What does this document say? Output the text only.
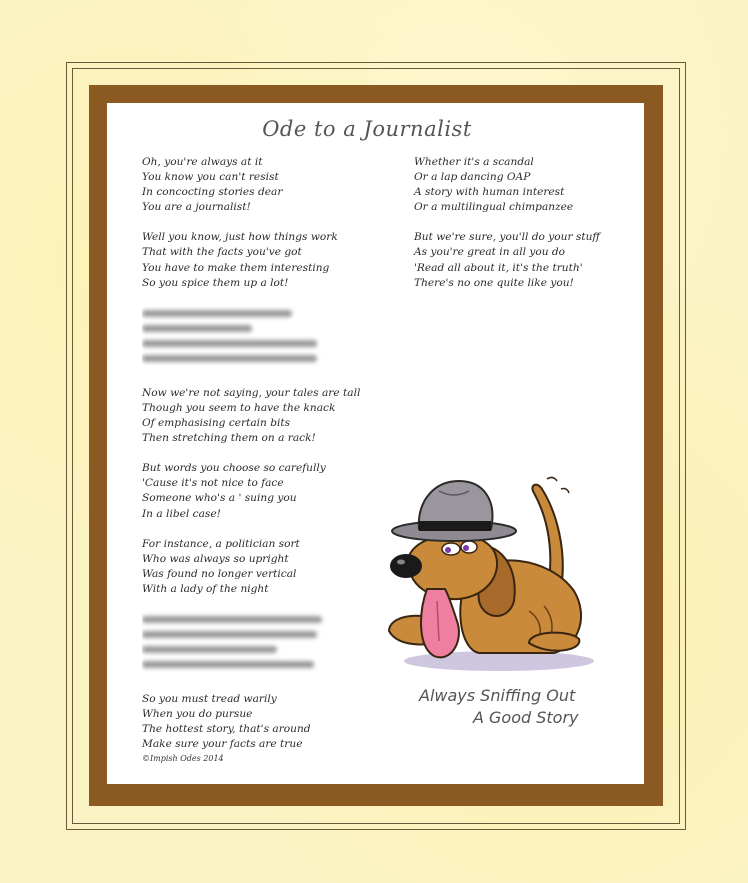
Ode to a Journalist
Oh, you're always at it
You know you can't resist
In concocting stories dear
You are a journalist!
Well you know, just how things work
That with the facts you've got
You have to make them interesting
So you spice them up a lot!
Now we're not saying, your tales are tall
Though you seem to have the knack
Of emphasising certain bits
Then stretching them on a rack!
But words you choose so carefully
'Cause it's not nice to face
Someone who's a ' suing you
In a libel case!
For instance, a politician sort
Who was always so upright
Was found no longer vertical
With a lady of the night
So you must tread warily
When you do pursue
The hottest story, that's around
Make sure your facts are true
Whether it's a scandal
Or a lap dancing OAP
A story with human interest
Or a multilingual chimpanzee
But we're sure, you'll do your stuff
As you're great in all you do
'Read all about it, it's the truth'
There's no one quite like you!
Always Sniffing Out
A Good Story
©Impish Odes 2014
